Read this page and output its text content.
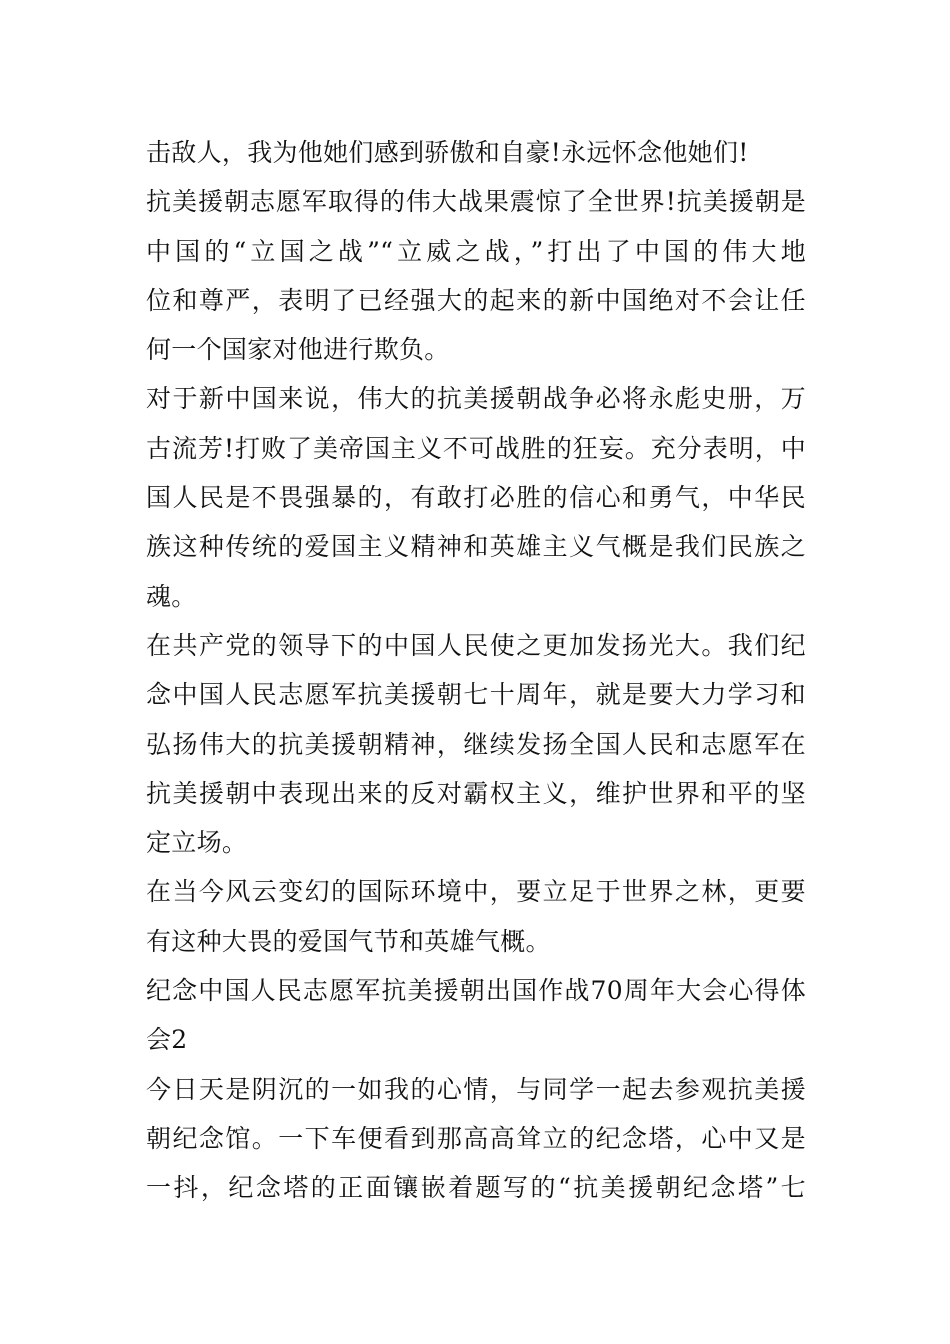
击敌人，我为他她们感到骄傲和自豪!永远怀念他她们!
抗美援朝志愿军取得的伟大战果震惊了全世界!抗美援朝是
中国的“立国之战”“立威之战，”打出了中国的伟大地
位和尊严，表明了已经强大的起来的新中国绝对不会让任
何一个国家对他进行欺负。
对于新中国来说，伟大的抗美援朝战争必将永彪史册，万
古流芳!打败了美帝国主义不可战胜的狂妄。充分表明，中
国人民是不畏强暴的，有敢打必胜的信心和勇气，中华民
族这种传统的爱国主义精神和英雄主义气概是我们民族之
魂。
在共产党的领导下的中国人民使之更加发扬光大。我们纪
念中国人民志愿军抗美援朝七十周年，就是要大力学习和
弘扬伟大的抗美援朝精神，继续发扬全国人民和志愿军在
抗美援朝中表现出来的反对霸权主义，维护世界和平的坚
定立场。
在当今风云变幻的国际环境中，要立足于世界之林，更要
有这种大畏的爱国气节和英雄气概。
纪念中国人民志愿军抗美援朝出国作战70周年大会心得体
会2
今日天是阴沉的一如我的心情，与同学一起去参观抗美援
朝纪念馆。一下车便看到那高高耸立的纪念塔，心中又是
一抖，纪念塔的正面镶嵌着题写的“抗美援朝纪念塔”七
